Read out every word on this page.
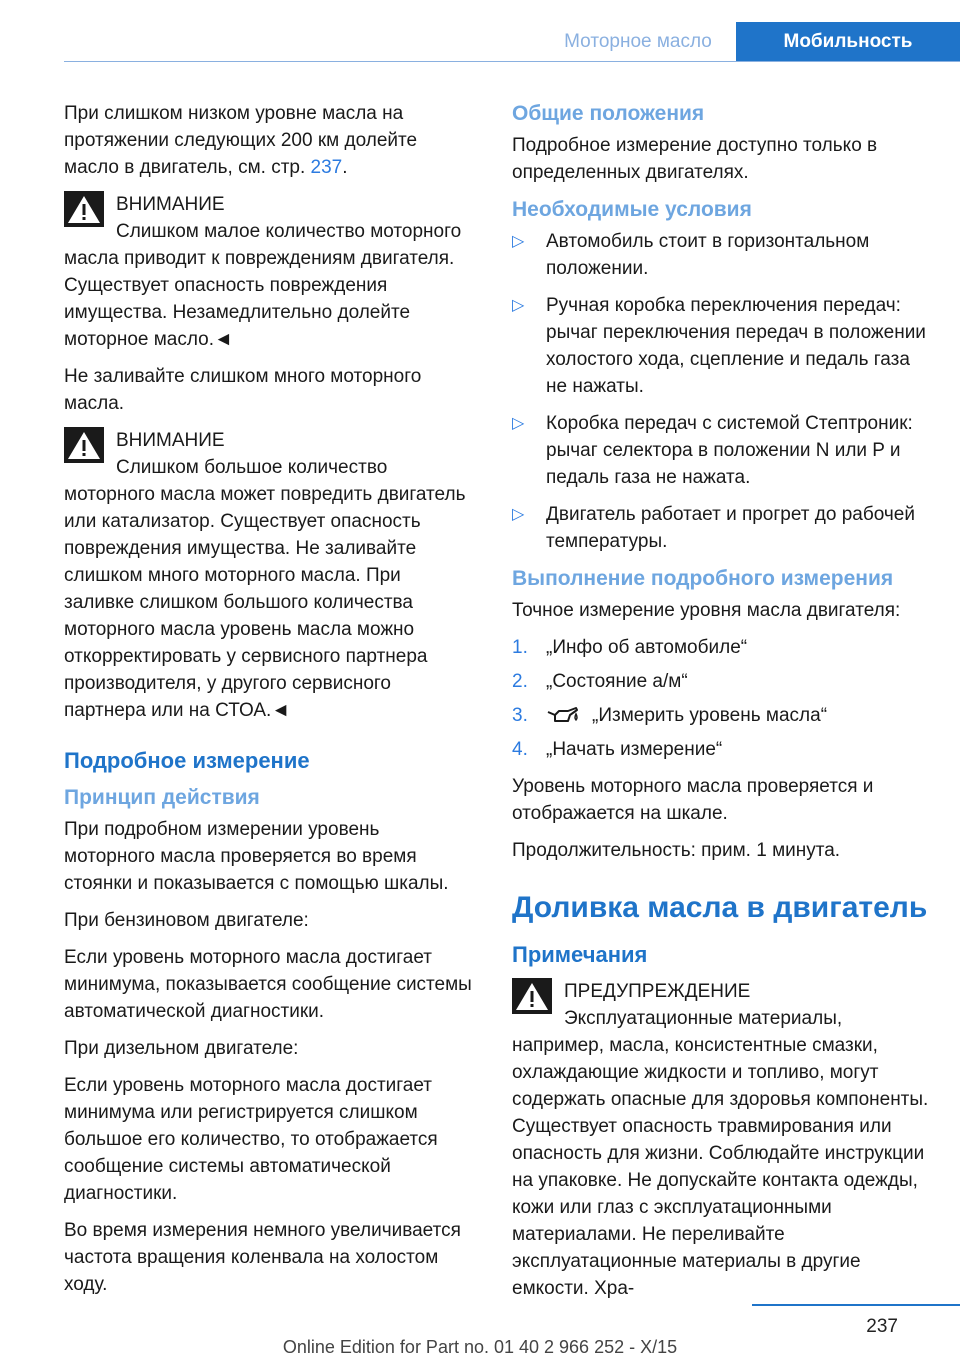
Моторное масло	Мобильность

При слишком низком уровне масла на протяжении следующих 200 км долейте масло в двигатель, см. стр. 237.

ВНИМАНИЕ

Слишком малое количество моторного масла приводит к повреждениям двигателя. Существует опасность повреждения имущества. Незамедлительно долейте моторное масло.◄

Не заливайте слишком много моторного масла.

ВНИМАНИЕ

Слишком большое количество моторного масла может повредить двигатель или катализатор. Существует опасность повреждения имущества. Не заливайте слишком много моторного масла. При заливке слишком большого количества моторного масла уровень масла можно откорректировать у сервисного партнера производителя, у другого сервисного партнера или на СТОА.◄

Подробное измерение
Принцип действия

При подробном измерении уровень моторного масла проверяется во время стоянки и показывается с помощью шкалы.

При бензиновом двигателе:

Если уровень моторного масла достигает минимума, показывается сообщение системы автоматической диагностики.

При дизельном двигателе:

Если уровень моторного масла достигает минимума или регистрируется слишком большое его количество, то отображается сообщение системы автоматической диагностики.

Во время измерения немного увеличивается частота вращения коленвала на холостом ходу.

Общие положения

Подробное измерение доступно только в определенных двигателях.

Необходимые условия
▷ Автомобиль стоит в горизонтальном положении.
▷ Ручная коробка переключения передач: рычаг переключения передач в положении холостого хода, сцепление и педаль газа не нажаты.
▷ Коробка передач с системой Стептроник: рычаг селектора в положении N или P и педаль газа не нажата.
▷ Двигатель работает и прогрет до рабочей температуры.
Выполнение подробного измерения

Точное измерение уровня масла двигателя:

1. „Инфо об автомобиле“
2. „Состояние а/м“
3.	„Измерить уровень масла“
4. „Начать измерение“

Уровень моторного масла проверяется и отображается на шкале.

Продолжительность: прим. 1 минута.

Доливка масла в двигатель
Примечания

ПРЕДУПРЕЖДЕНИЕ

Эксплуатационные материалы, например, масла, консистентные смазки, охлаждающие жидкости и топливо, могут содержать опасные для здоровья компоненты. Существует опасность травмирования или опасность для жизни. Соблюдайте инструкции на упаковке. Не допускайте контакта одежды, кожи или глаз с эксплуатационными материалами. Не переливайте эксплуатационные материалы в другие емкости. Хра-

237
Online Edition for Part no. 01 40 2 966 252 - X/15
